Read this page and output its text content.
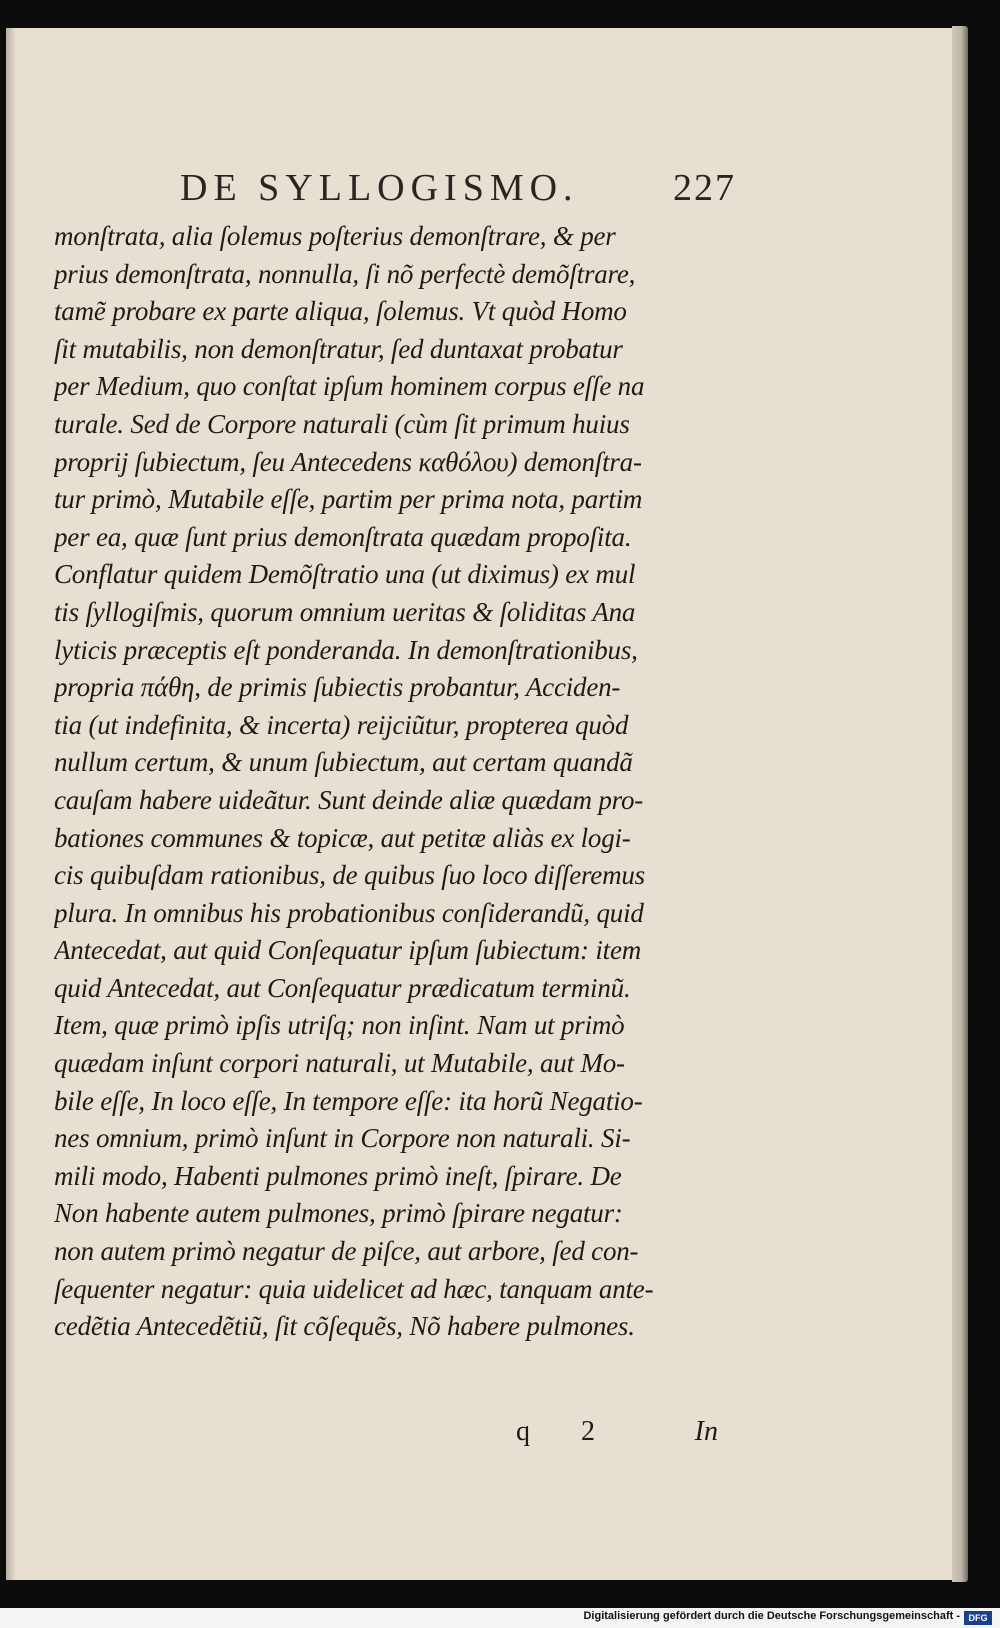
DE SYLLOGISMO. 227
monſtrata, alia ſolemus poſterius demonſtrare, & per
prius demonſtrata, nonnulla, ſi nõ perfectè demõſtrare,
tamẽ probare ex parte aliqua, ſolemus. Vt quòd Homo
ſit mutabilis, non demonſtratur, ſed duntaxat probatur
per Medium, quo conſtat ipſum hominem corpus eſſe na
turale. Sed de Corpore naturali (cùm ſit primum huius
proprij ſubiectum, ſeu Antecedens καθόλου) demonſtra-
tur primò, Mutabile eſſe, partim per prima nota, partim
per ea, quæ ſunt prius demonſtrata quædam propoſita.
Conflatur quidem Demõſtratio una (ut diximus) ex mul
tis ſyllogiſmis, quorum omnium ueritas & ſoliditas Ana
lyticis præceptis eſt ponderanda. In demonſtrationibus,
propria πάθη, de primis ſubiectis probantur, Acciden-
tia (ut indefinita, & incerta) reijciũtur, propterea quòd
nullum certum, & unum ſubiectum, aut certam quandã
cauſam habere uideãtur. Sunt deinde aliæ quædam pro-
bationes communes & topicæ, aut petitæ aliàs ex logi-
cis quibuſdam rationibus, de quibus ſuo loco diſſeremus
plura. In omnibus his probationibus conſiderandũ, quid
Antecedat, aut quid Conſequatur ipſum ſubiectum: item
quid Antecedat, aut Conſequatur prædicatum terminũ.
Item, quæ primò ipſis utriſq; non inſint. Nam ut primò
quædam inſunt corpori naturali, ut Mutabile, aut Mo-
bile eſſe, In loco eſſe, In tempore eſſe: ita horũ Negatio-
nes omnium, primò inſunt in Corpore non naturali. Si-
mili modo, Habenti pulmones primò ineſt, ſpirare. De
Non habente autem pulmones, primò ſpirare negatur:
non autem primò negatur de piſce, aut arbore, ſed con-
ſequenter negatur: quia uidelicet ad hæc, tanquam ante-
cedẽtia Antecedẽtiũ, ſit cõſequẽs, Nõ habere pulmones.
q 2	In
Digitalisierung gefördert durch die Deutsche Forschungsgemeinschaft - DFG
